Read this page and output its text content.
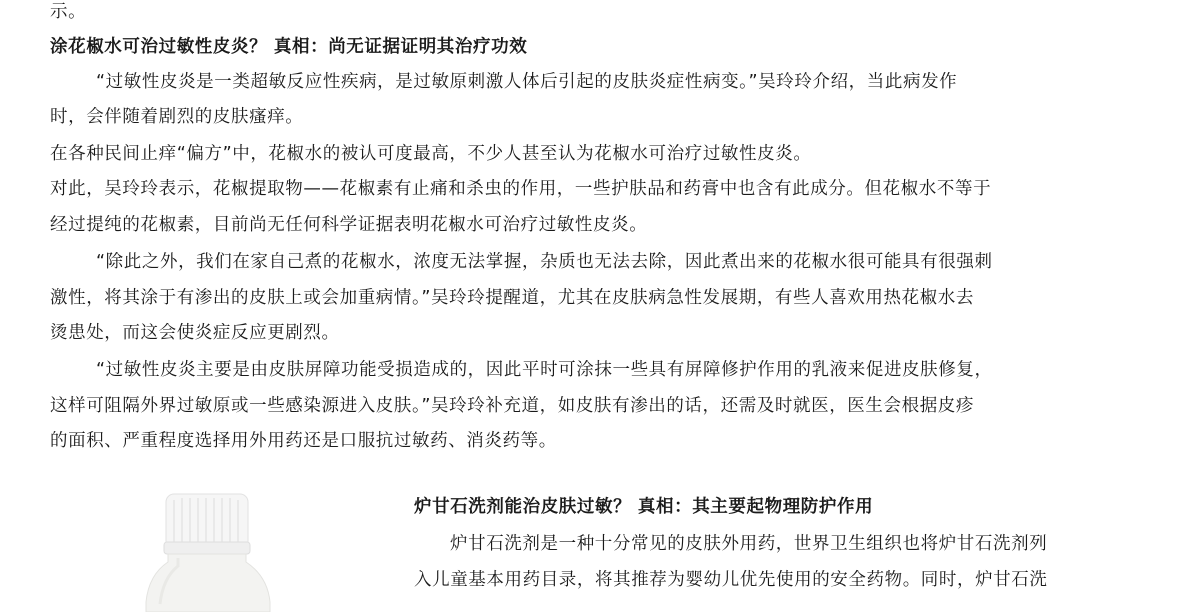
示。
涂花椒水可治过敏性皮炎？ 真相：尚无证据证明其治疗功效
“过敏性皮炎是一类超敏反应性疾病，是过敏原刺激人体后引起的皮肤炎症性病变。”吴玲玲介绍，当此病发作
时，会伴随着剧烈的皮肤瘙痒。
在各种民间止痒“偏方”中，花椒水的被认可度最高，不少人甚至认为花椒水可治疗过敏性皮炎。
对此，吴玲玲表示，花椒提取物——花椒素有止痛和杀虫的作用，一些护肤品和药膏中也含有此成分。但花椒水不等于
经过提纯的花椒素，目前尚无任何科学证据表明花椒水可治疗过敏性皮炎。
“除此之外，我们在家自己煮的花椒水，浓度无法掌握，杂质也无法去除，因此煮出来的花椒水很可能具有很强刺
激性，将其涂于有渗出的皮肤上或会加重病情。”吴玲玲提醒道，尤其在皮肤病急性发展期，有些人喜欢用热花椒水去
烫患处，而这会使炎症反应更剧烈。
“过敏性皮炎主要是由皮肤屏障功能受损造成的，因此平时可涂抹一些具有屏障修护作用的乳液来促进皮肤修复，
这样可阻隔外界过敏原或一些感染源进入皮肤。”吴玲玲补充道，如皮肤有渗出的话，还需及时就医，医生会根据皮疹
的面积、严重程度选择用外用药还是口服抗过敏药、消炎药等。
炉甘石洗剂能治皮肤过敏？ 真相：其主要起物理防护作用
炉甘石洗剂是一种十分常见的皮肤外用药，世界卫生组织也将炉甘石洗剂列
入儿童基本用药目录，将其推荐为婴幼儿优先使用的安全药物。同时，炉甘石洗
